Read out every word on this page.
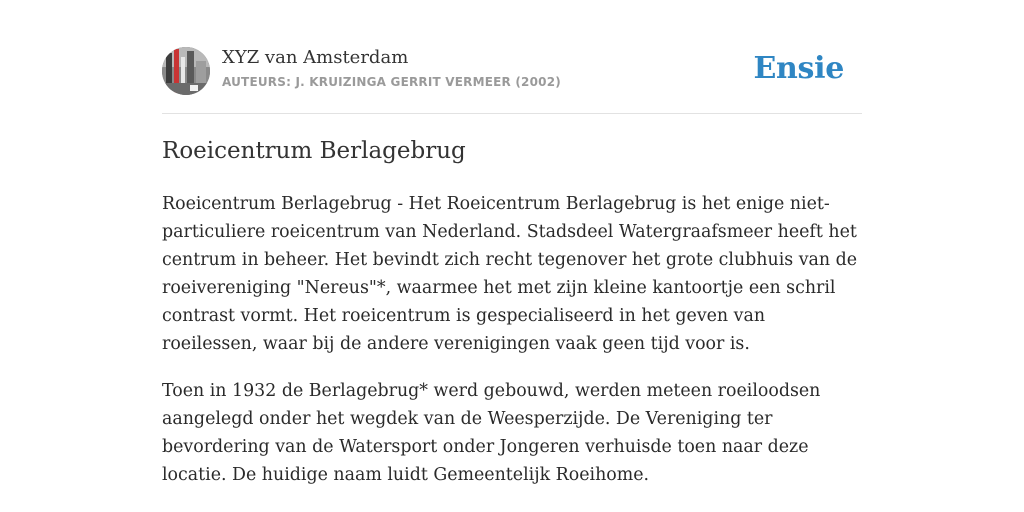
XYZ van Amsterdam
AUTEURS: J. KRUIZINGA GERRIT VERMEER (2002)	Ensie
Roeicentrum Berlagebrug

Roeicentrum Berlagebrug - Het Roeicentrum Berlagebrug is het enige niet-particuliere roeicentrum van Nederland. Stadsdeel Watergraafsmeer heeft het centrum in beheer. Het bevindt zich recht tegenover het grote clubhuis van de roeivereniging "Nereus"*, waarmee het met zijn kleine kantoortje een schril contrast vormt. Het roeicentrum is gespecialiseerd in het geven van roeilessen, waar bij de andere verenigingen vaak geen tijd voor is.

Toen in 1932 de Berlagebrug* werd gebouwd, werden meteen roeiloodsen aangelegd onder het wegdek van de Weesperzijde. De Vereniging ter bevordering van de Watersport onder Jongeren verhuisde toen naar deze locatie. De huidige naam luidt Gemeentelijk Roeihome.
